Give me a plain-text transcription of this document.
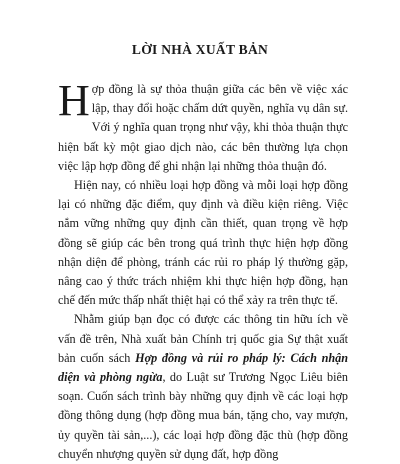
LỜI NHÀ XUẤT BẢN

Hợp đồng là sự thỏa thuận giữa các bên về việc xác lập, thay đổi hoặc chấm dứt quyền, nghĩa vụ dân sự. Với ý nghĩa quan trọng như vậy, khi thỏa thuận thực hiện bất kỳ một giao dịch nào, các bên thường lựa chọn việc lập hợp đồng để ghi nhận lại những thỏa thuận đó.

Hiện nay, có nhiều loại hợp đồng và mỗi loại hợp đồng lại có những đặc điểm, quy định và điều kiện riêng. Việc nắm vững những quy định cần thiết, quan trọng về hợp đồng sẽ giúp các bên trong quá trình thực hiện hợp đồng nhận diện để phòng, tránh các rủi ro pháp lý thường gặp, nâng cao ý thức trách nhiệm khi thực hiện hợp đồng, hạn chế đến mức thấp nhất thiệt hại có thể xảy ra trên thực tế.

Nhằm giúp bạn đọc có được các thông tin hữu ích về vấn đề trên, Nhà xuất bản Chính trị quốc gia Sự thật xuất bản cuốn sách Hợp đồng và rủi ro pháp lý: Cách nhận diện và phòng ngừa, do Luật sư Trương Ngọc Liêu biên soạn. Cuốn sách trình bày những quy định về các loại hợp đồng thông dụng (hợp đồng mua bán, tặng cho, vay mượn, ủy quyền tài sản,...), các loại hợp đồng đặc thù (hợp đồng chuyển nhượng quyền sử dụng đất, hợp đồng
